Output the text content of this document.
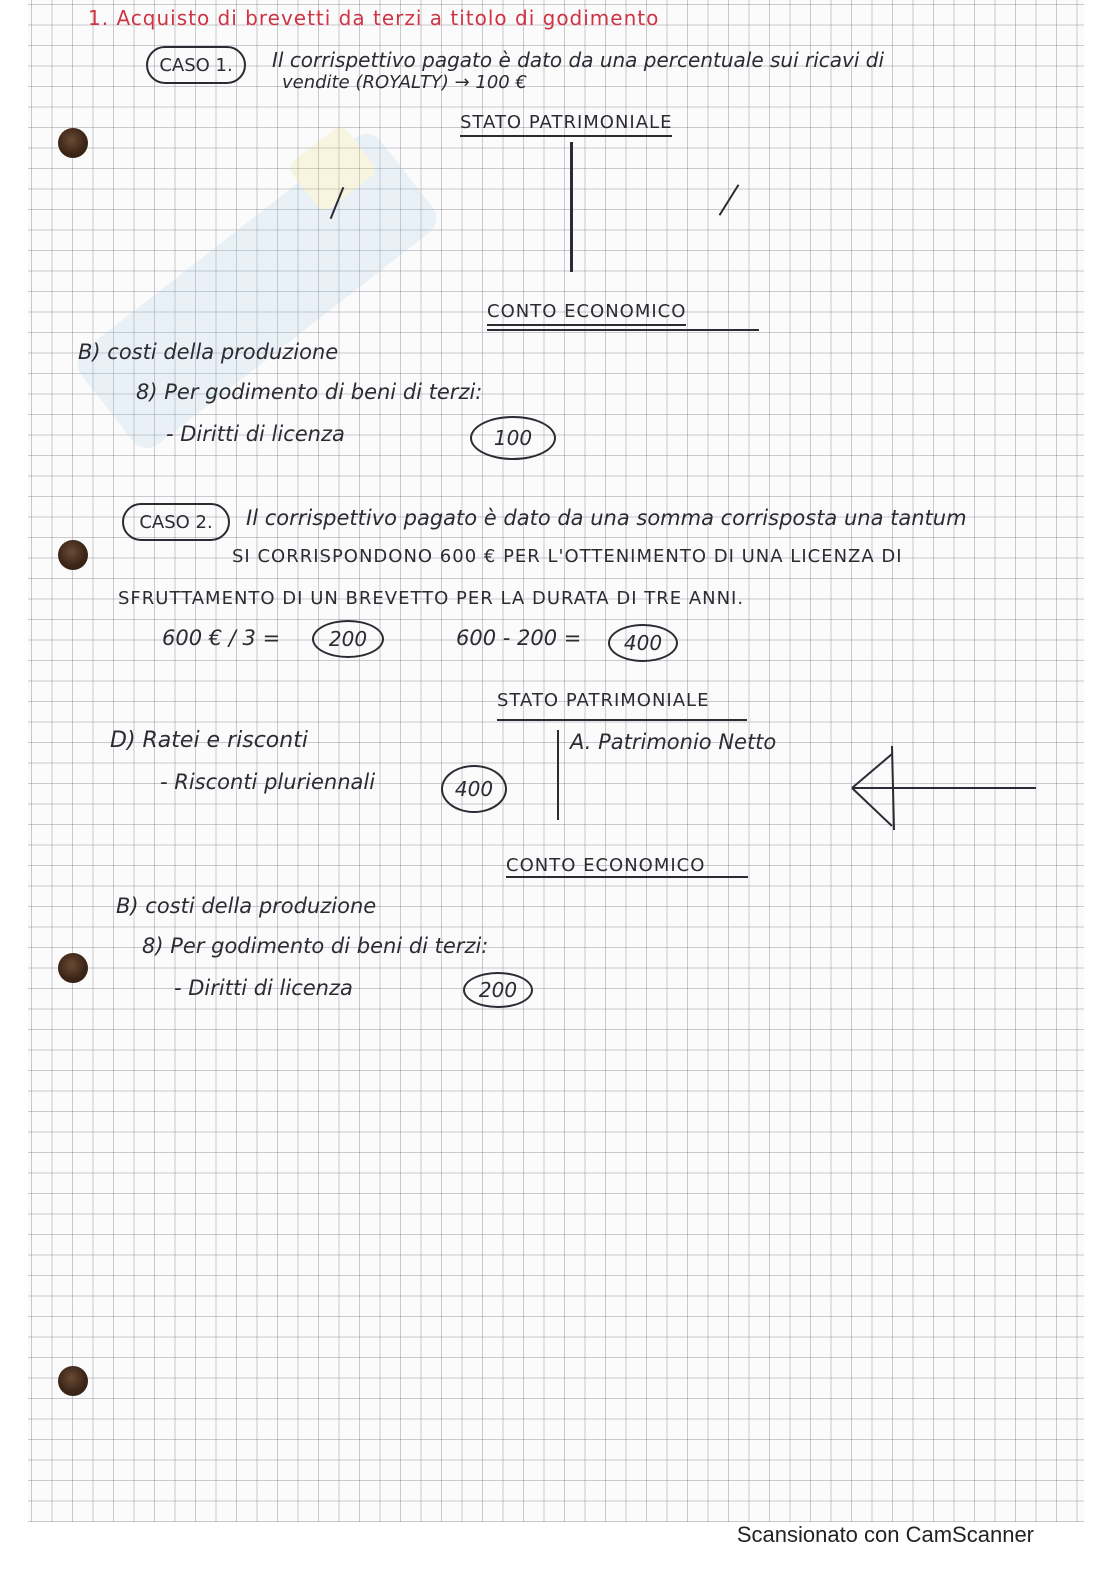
1. Acquisto di brevetti da terzi a titolo di godimento
CASO 1.	Il corrispettivo pagato è dato da una percentuale sui ricavi di
vendite (ROYALTY) → 100 €
STATO PATRIMONIALE
CONTO ECONOMICO
B) costi della produzione
8) Per godimento di beni di terzi:
- Diritti di licenza	100
CASO 2.	Il corrispettivo pagato è dato da una somma corrisposta una tantum
SI CORRISPONDONO 600 € PER L'OTTENIMENTO DI UNA LICENZA DI
SFRUTTAMENTO DI UN BREVETTO PER LA DURATA DI TRE ANNI.
600 € / 3 =	200	600 - 200 =	400
STATO PATRIMONIALE
D) Ratei e risconti
- Risconti pluriennali	400
A. Patrimonio Netto
CONTO ECONOMICO
B) costi della produzione
8) Per godimento di beni di terzi:
- Diritti di licenza	200
Scansionato con CamScanner
